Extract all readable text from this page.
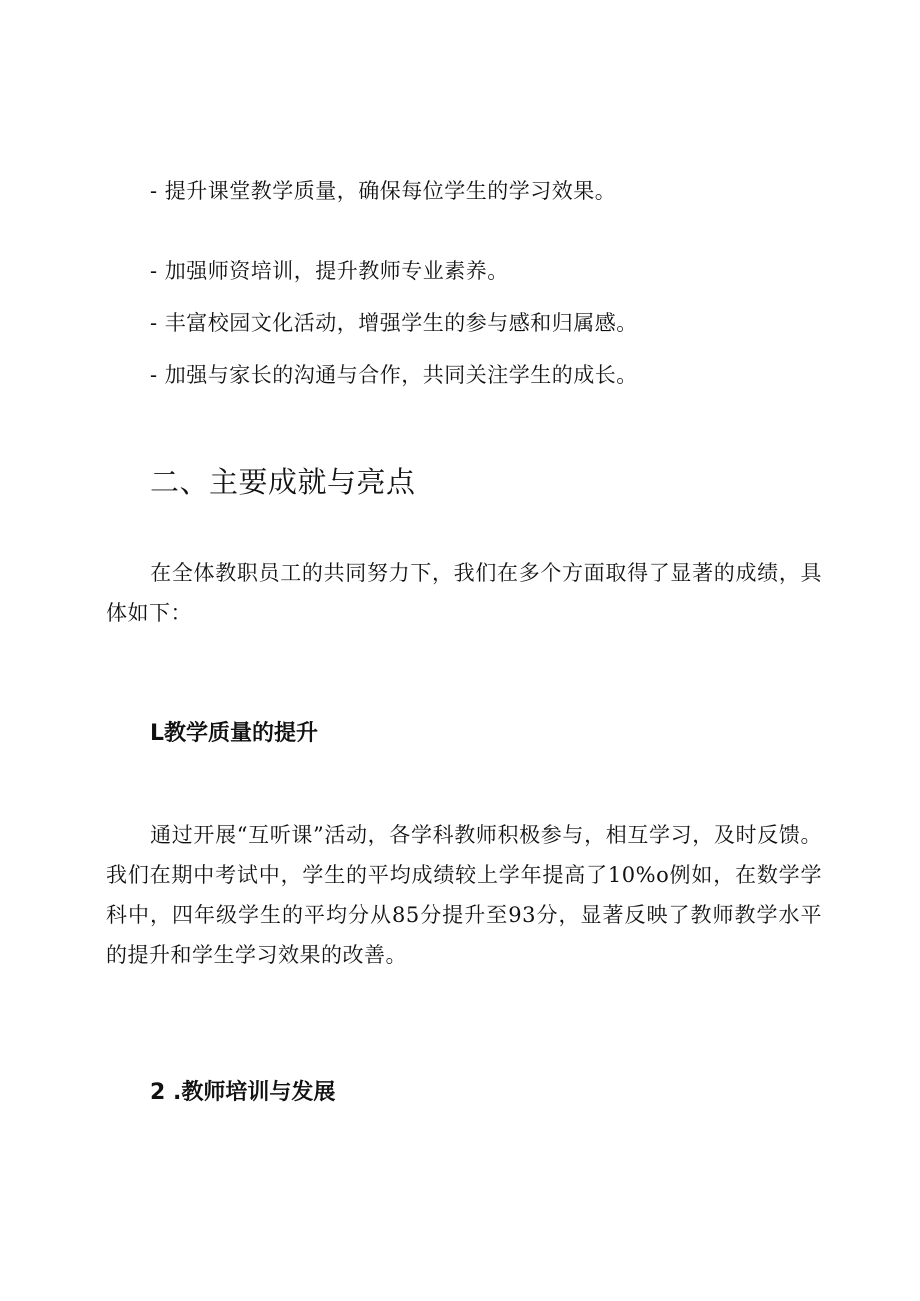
- 提升课堂教学质量，确保每位学生的学习效果。
- 加强师资培训，提升教师专业素养。
- 丰富校园文化活动，增强学生的参与感和归属感。
- 加强与家长的沟通与合作，共同关注学生的成长。
二、主要成就与亮点
在全体教职员工的共同努力下，我们在多个方面取得了显著的成绩，具体如下：
L教学质量的提升
通过开展“互听课”活动，各学科教师积极参与，相互学习，及时反馈。我们在期中考试中，学生的平均成绩较上学年提高了10%o例如，在数学学科中，四年级学生的平均分从85分提升至93分，显著反映了教师教学水平的提升和学生学习效果的改善。
2 .教师培训与发展
